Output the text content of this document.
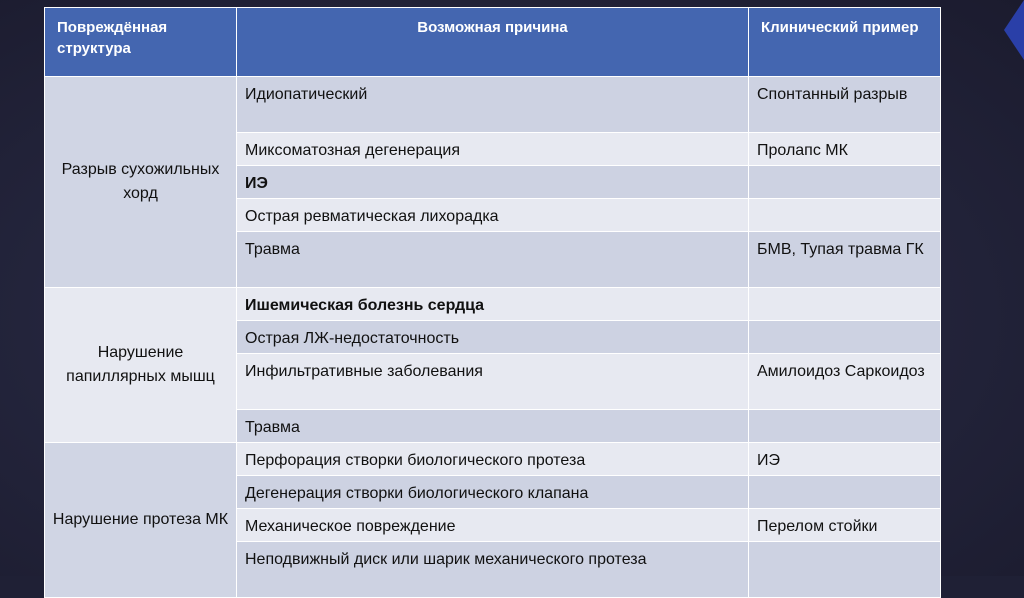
Повреждённая структура	Возможная причина	Клинический пример
Разрыв сухожильных хорд	Идиопатический	Спонтанный разрыв
	Миксоматозная дегенерация	Пролапс МК
	ИЭ	
	Острая ревматическая лихорадка	
	Травма	БМВ, Тупая травма ГК
Нарушение папиллярных мышц	Ишемическая болезнь сердца	
	Острая ЛЖ-недостаточность	
	Инфильтративные заболевания	Амилоидоз Саркоидоз
	Травма	
Нарушение протеза МК	Перфорация створки биологического протеза	ИЭ
	Дегенерация створки биологического клапана	
	Механическое повреждение	Перелом стойки
	Неподвижный диск или шарик механического протеза	
